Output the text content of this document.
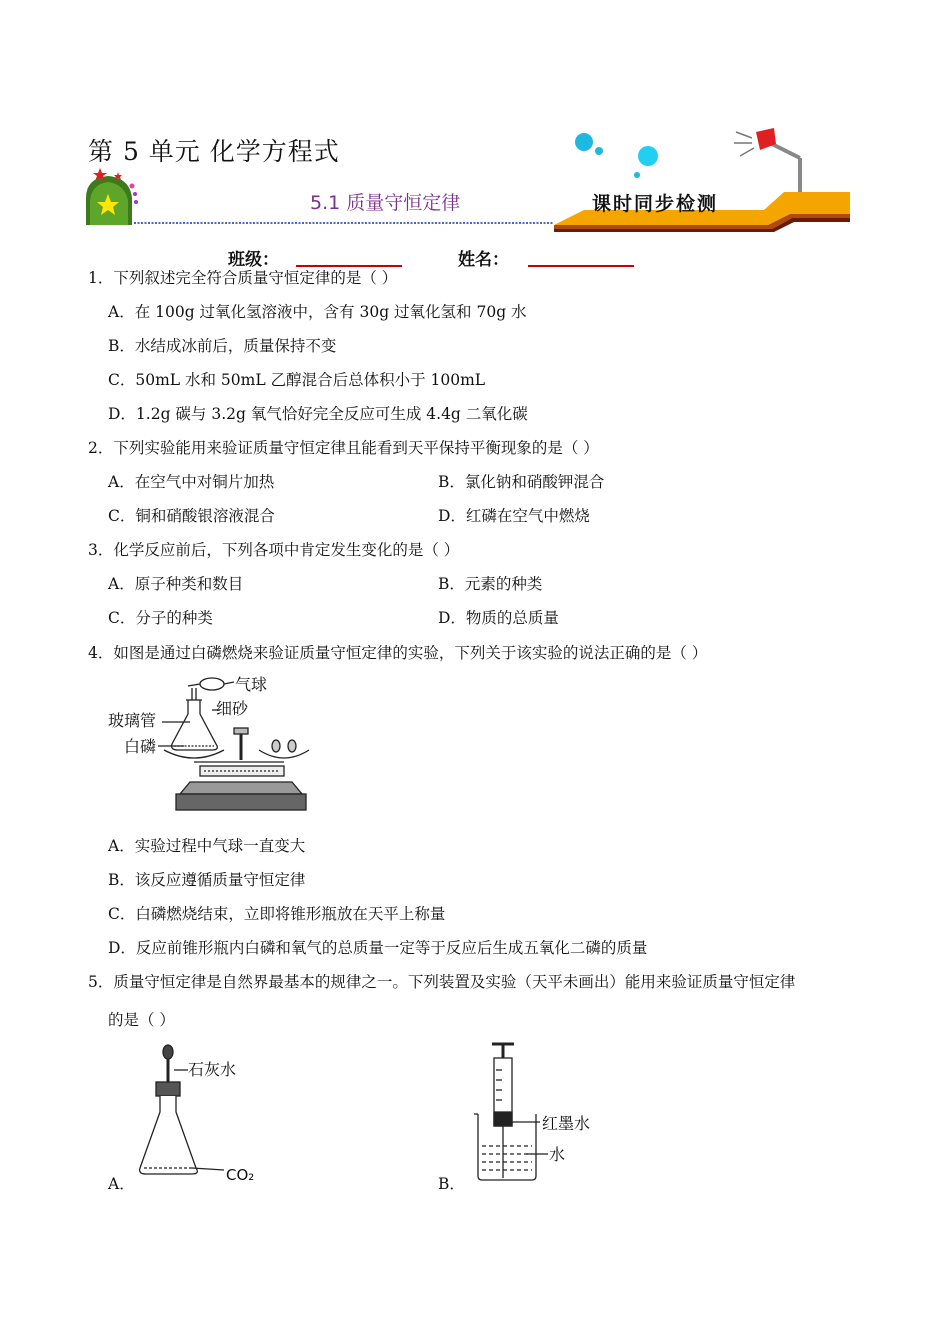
第 5 单元 化学方程式
5.1 质量守恒定律	课时同步检测
班级：	姓名：
1．下列叙述完全符合质量守恒定律的是（ ）
A．在 100g 过氧化氢溶液中，含有 30g 过氧化氢和 70g 水
B．水结成冰前后，质量保持不变
C．50mL 水和 50mL 乙醇混合后总体积小于 100mL
D．1.2g 碳与 3.2g 氧气恰好完全反应可生成 4.4g 二氧化碳
2．下列实验能用来验证质量守恒定律且能看到天平保持平衡现象的是（ ）
A．在空气中对铜片加热	B．氯化钠和硝酸钾混合
C．铜和硝酸银溶液混合	D．红磷在空气中燃烧
3．化学反应前后，下列各项中肯定发生变化的是（ ）
A．原子种类和数目	B．元素的种类
C．分子的种类	D．物质的总质量
4．如图是通过白磷燃烧来验证质量守恒定律的实验，下列关于该实验的说法正确的是（ ）
气球
细砂
玻璃管
白磷
A．实验过程中气球一直变大
B．该反应遵循质量守恒定律
C．白磷燃烧结束，立即将锥形瓶放在天平上称量
D．反应前锥形瓶内白磷和氧气的总质量一定等于反应后生成五氧化二磷的质量
5．质量守恒定律是自然界最基本的规律之一。下列装置及实验（天平未画出）能用来验证质量守恒定律
的是（ ）
石灰水
CO₂
A．
红墨水
水
B．
